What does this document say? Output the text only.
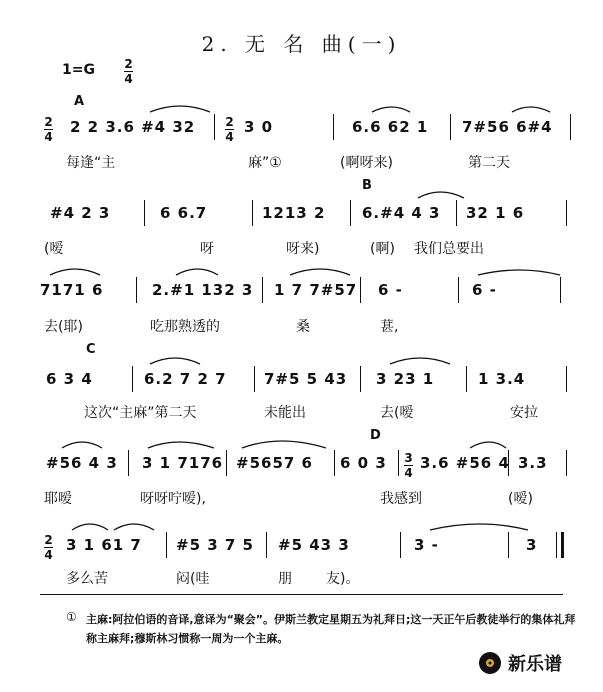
2. 无 名 曲(一)
1=G 2
4
A
2
4
2 2 3.6 #4 32	2
4
3 0	6.6 62 1 7#56 6#4
每逢“主	麻”①	(啊呀来)	第二天
B
#4 2 3	6 6.7	1213 2 6.#4 4 3 32 1 6
(嗳	呀	呀来)	(啊) 我们总要出
7171 6	2.#1 132 3 1 7 7#57 6 -	6 -
去(耶)	吃那熟透的	桑	葚,
C
6 3 4	6.2 7 2 7 7#5 5 43 3 23 1	1 3.4
这次“主麻”第二天	未能出	去(嗳	安拉
D
#56 4 3 3 1 7176 #5657 6 6 0 3 3
4
3.6 #56 4 3.3
耶嗳	呀呀咛嗳),	我感到	(嗳)
2
4
3 1 61 7 #5 3 7 5 #5 43 3	3 -	3
多么苦	闷(哇	朋 友)。
① 主麻:阿拉伯语的音译,意译为“聚会”。伊斯兰教定星期五为礼拜日;这一天正午后教徒举行的集体礼拜称主麻拜;穆斯林习惯称一周为一个主麻。
新乐谱
